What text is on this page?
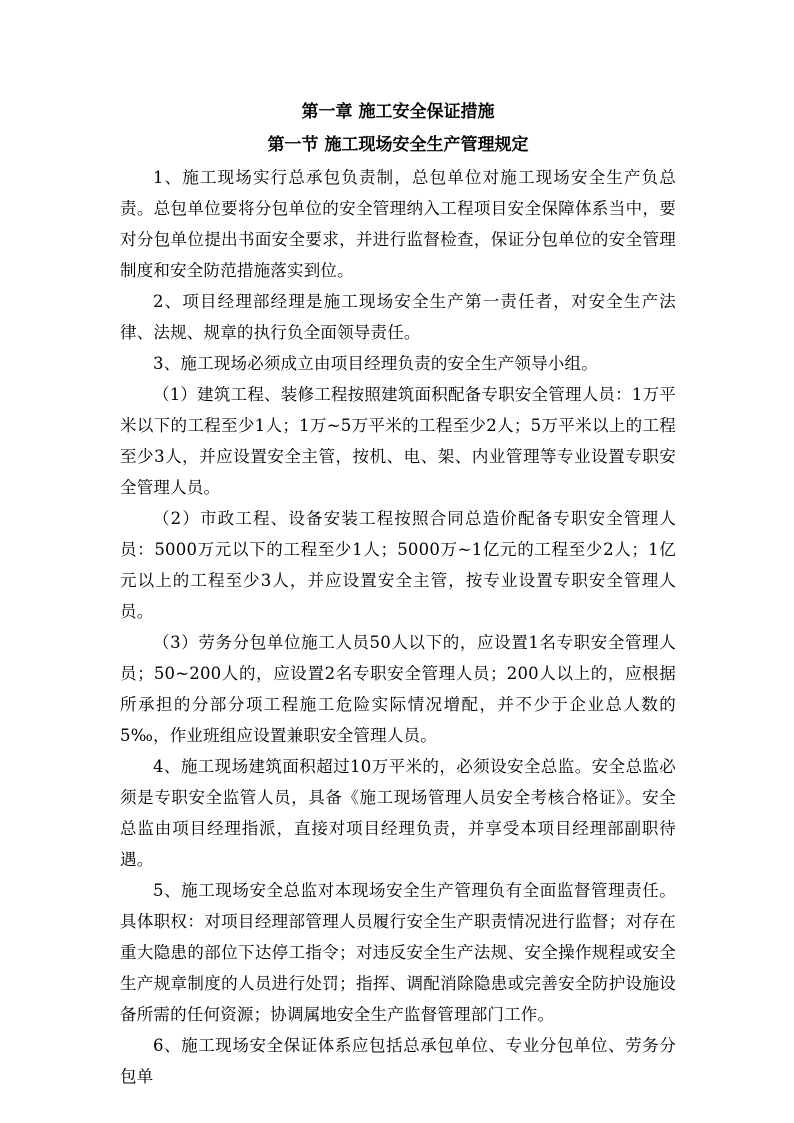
第一章 施工安全保证措施
第一节 施工现场安全生产管理规定

1、施工现场实行总承包负责制，总包单位对施工现场安全生产负总责。总包单位要将分包单位的安全管理纳入工程项目安全保障体系当中，要对分包单位提出书面安全要求，并进行监督检查，保证分包单位的安全管理制度和安全防范措施落实到位。

2、项目经理部经理是施工现场安全生产第一责任者，对安全生产法律、法规、规章的执行负全面领导责任。

3、施工现场必须成立由项目经理负责的安全生产领导小组。

（1）建筑工程、装修工程按照建筑面积配备专职安全管理人员：1万平米以下的工程至少1人；1万~5万平米的工程至少2人；5万平米以上的工程至少3人，并应设置安全主管，按机、电、架、内业管理等专业设置专职安全管理人员。

（2）市政工程、设备安装工程按照合同总造价配备专职安全管理人员：5000万元以下的工程至少1人；5000万~1亿元的工程至少2人；1亿元以上的工程至少3人，并应设置安全主管，按专业设置专职安全管理人员。

（3）劳务分包单位施工人员50人以下的，应设置1名专职安全管理人员；50~200人的，应设置2名专职安全管理人员；200人以上的，应根据所承担的分部分项工程施工危险实际情况增配，并不少于企业总人数的5‰，作业班组应设置兼职安全管理人员。

4、施工现场建筑面积超过10万平米的，必须设安全总监。安全总监必须是专职安全监管人员，具备《施工现场管理人员安全考核合格证》。安全总监由项目经理指派，直接对项目经理负责，并享受本项目经理部副职待遇。

5、施工现场安全总监对本现场安全生产管理负有全面监督管理责任。具体职权：对项目经理部管理人员履行安全生产职责情况进行监督；对存在重大隐患的部位下达停工指令；对违反安全生产法规、安全操作规程或安全生产规章制度的人员进行处罚；指挥、调配消除隐患或完善安全防护设施设备所需的任何资源；协调属地安全生产监督管理部门工作。

6、施工现场安全保证体系应包括总承包单位、专业分包单位、劳务分包单
